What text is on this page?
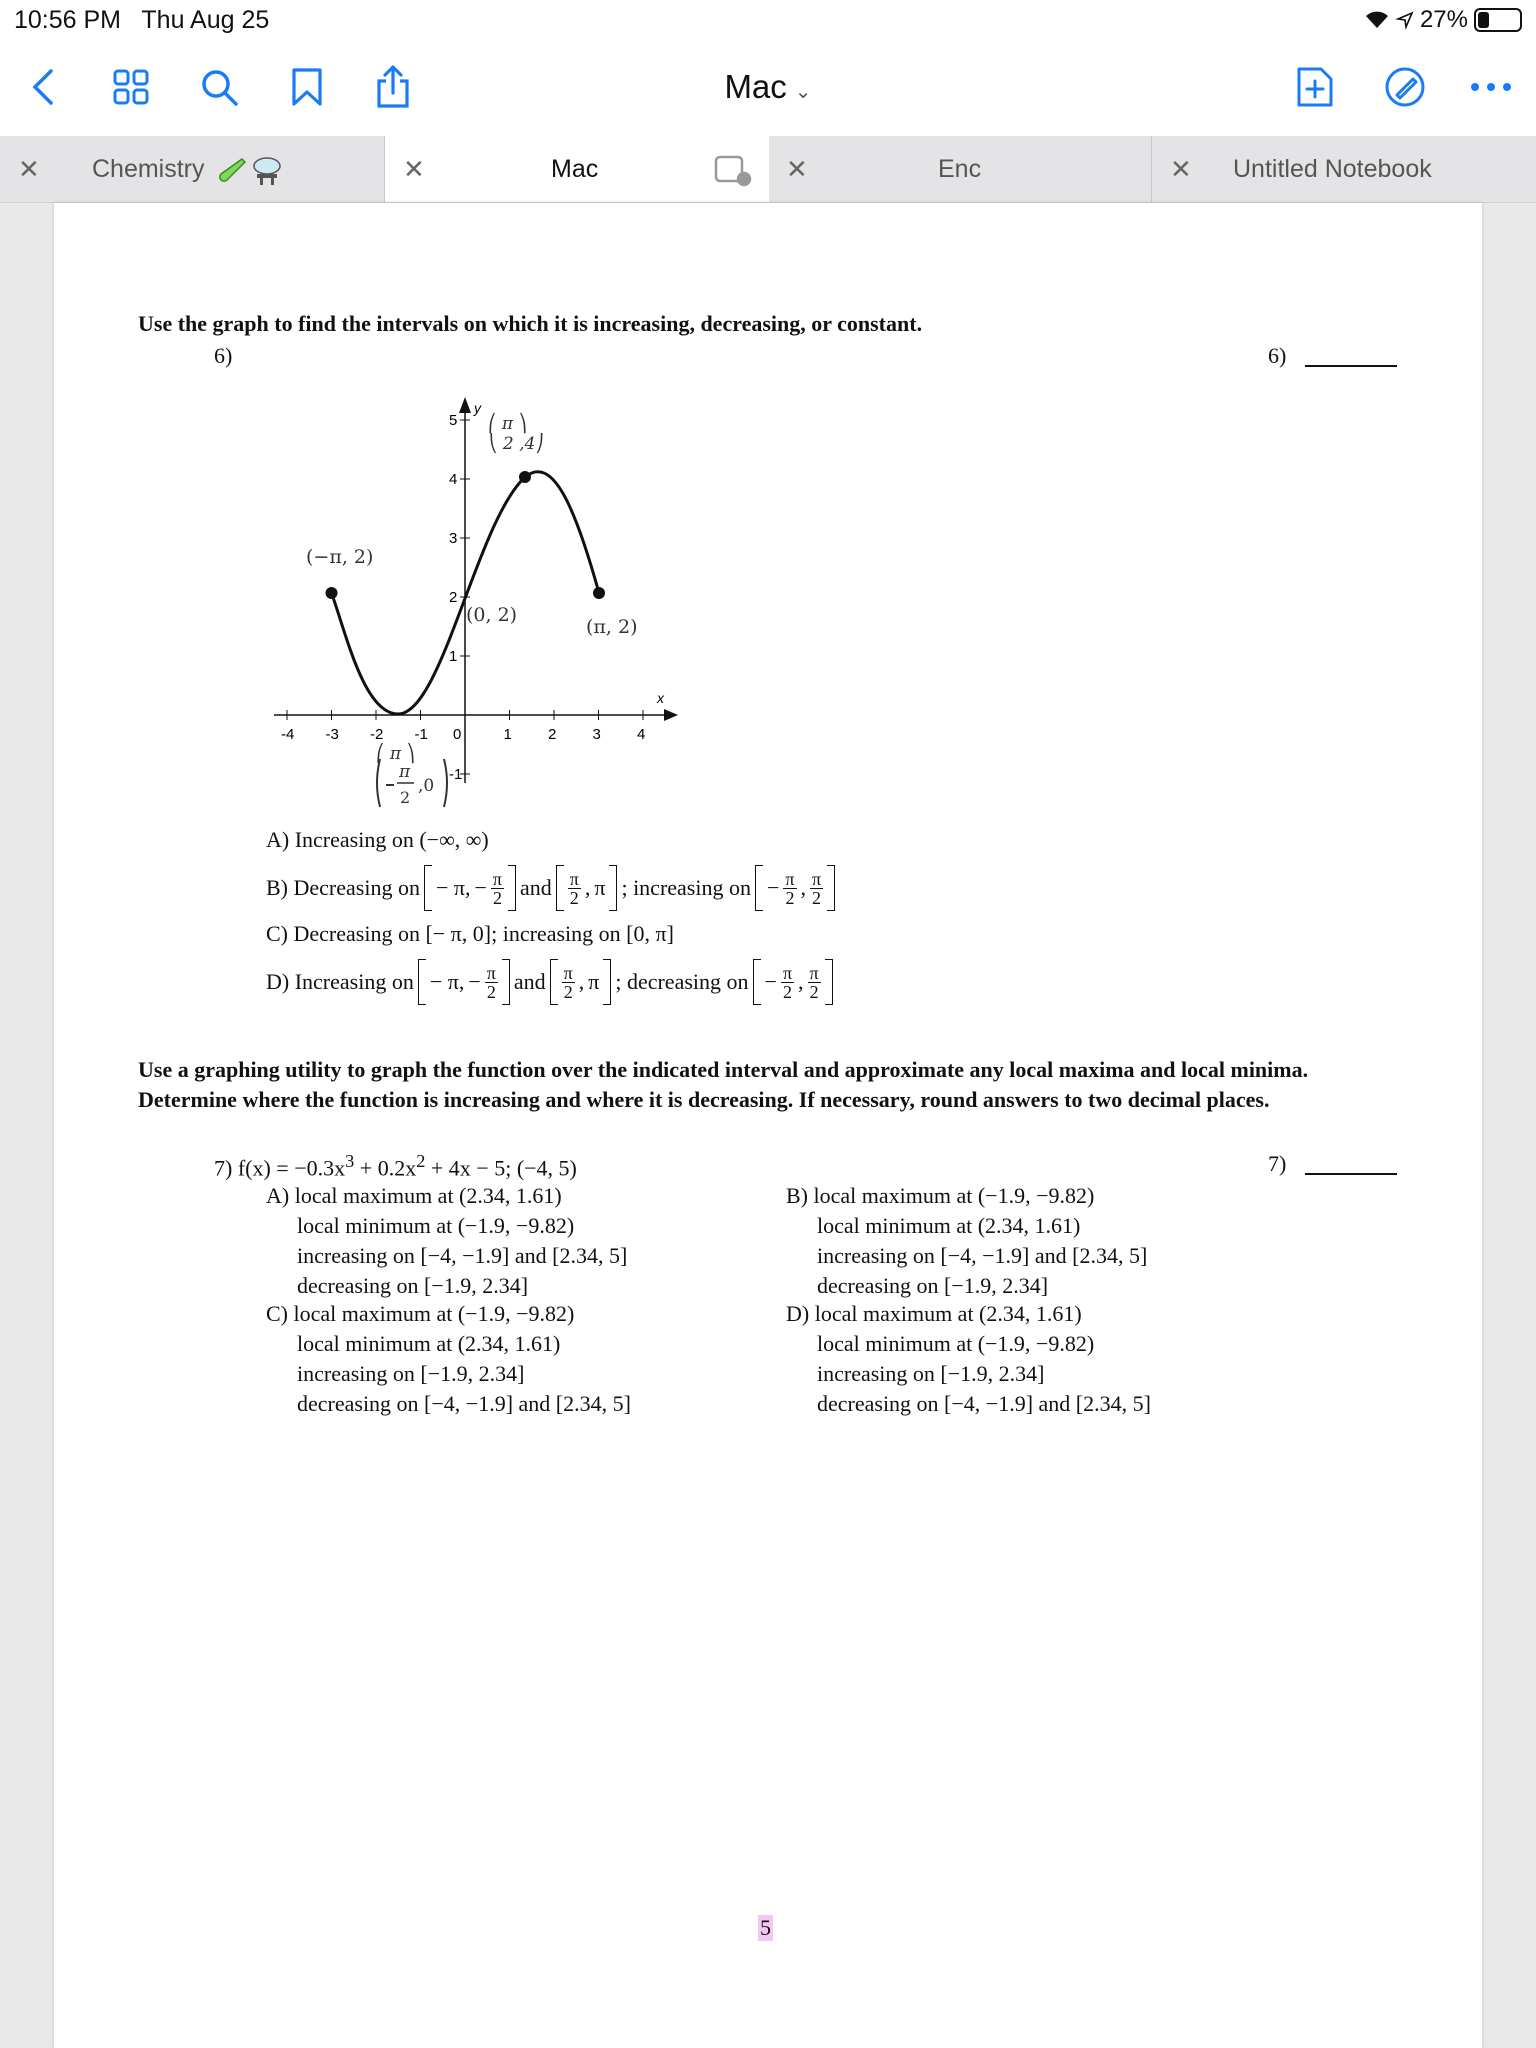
10:56 PM Thu Aug 25	27%
Mac ⌄
✕ Chemistry	✕	Mac	✕	Enc	✕ Untitled Notebook
Use the graph to find the intervals on which it is increasing, decreasing, or constant.
6)	6)
y
x
-4 -3 -2 -1 0	1 2 3 4
5
4
3
2
1
-1
⎛ π ⎞
⎝ 2 ,4⎠
(−π, 2)
(0, 2)
(π, 2)
⎛ π ⎞
π
2
,0
A) Increasing on (−∞, ∞)
B) Decreasing on − π, − $\frac{\pi}{2}$ and $\frac{\pi}{2}$ , π ; increasing on − $\frac{\pi}{2}$ , $\frac{\pi}{2}$
C) Decreasing on [− π, 0]; increasing on [0, π]
D) Increasing on − π, − $\frac{\pi}{2}$ and $\frac{\pi}{2}$ , π ; decreasing on − $\frac{\pi}{2}$ , $\frac{\pi}{2}$
Use a graphing utility to graph the function over the indicated interval and approximate any local maxima and local minima. Determine where the function is increasing and where it is decreasing. If necessary, round answers to two decimal places.
7) $f(x) = -0.3x^3 + 0.2x^2 + 4x - 5$; (−4, 5)	7)
A) local maximum at (2.34, 1.61)
local minimum at (−1.9, −9.82)
increasing on [−4, −1.9] and [2.34, 5]
decreasing on [−1.9, 2.34]
B) local maximum at (−1.9, −9.82)
local minimum at (2.34, 1.61)
increasing on [−4, −1.9] and [2.34, 5]
decreasing on [−1.9, 2.34]
C) local maximum at (−1.9, −9.82)
local minimum at (2.34, 1.61)
increasing on [−1.9, 2.34]
decreasing on [−4, −1.9] and [2.34, 5]
D) local maximum at (2.34, 1.61)
local minimum at (−1.9, −9.82)
increasing on [−1.9, 2.34]
decreasing on [−4, −1.9] and [2.34, 5]
5
